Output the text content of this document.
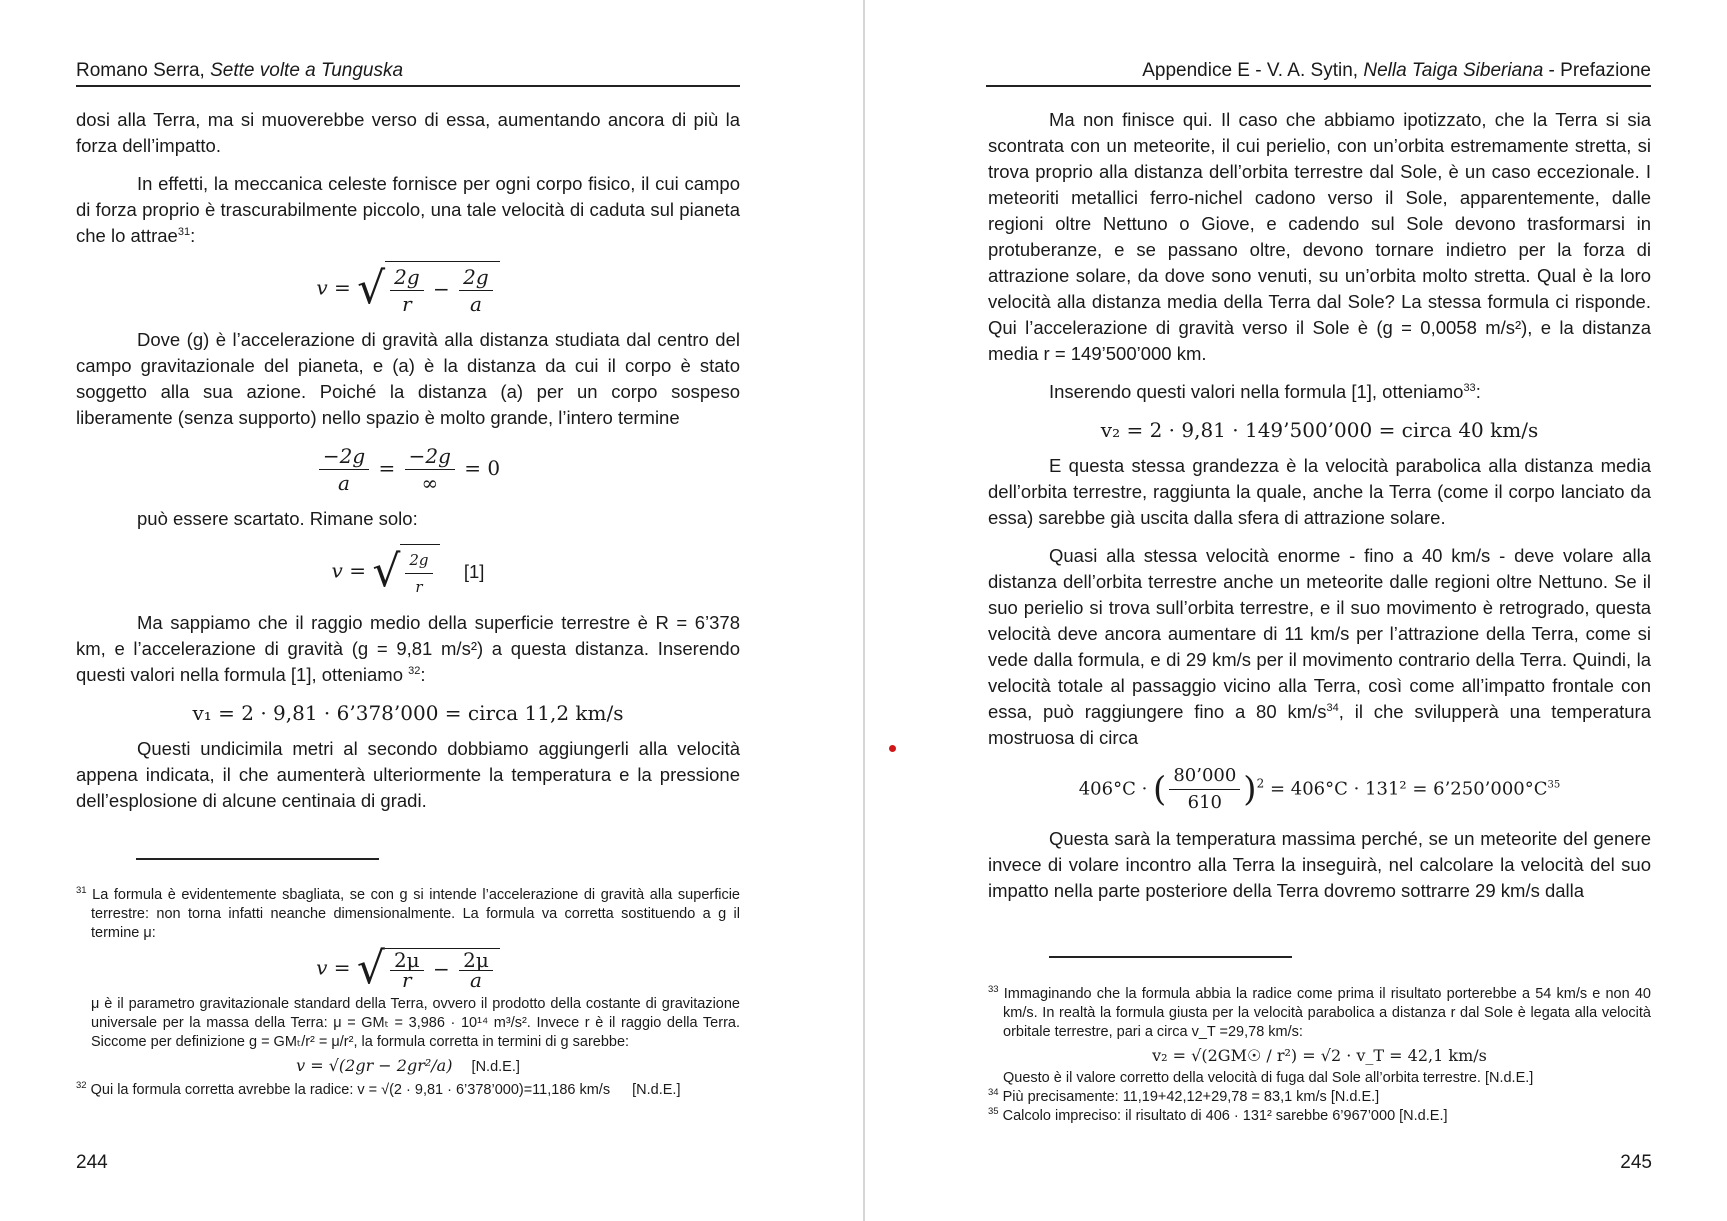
Romano Serra, Sette volte a Tunguska

dosi alla Terra, ma si muoverebbe verso di essa, aumentando ancora di più la forza dell’impatto.

In effetti, la meccanica celeste fornisce per ogni corpo fisico, il cui campo di forza proprio è trascurabilmente piccolo, una tale velocità di caduta sul pianeta che lo attrae$^{31}$:

v = √ $\frac{2g}{r} - \frac{2g}{a}$

Dove (g) è l’accelerazione di gravità alla distanza studiata dal centro del campo gravitazionale del pianeta, e (a) è la distanza da cui il corpo è stato soggetto alla sua azione. Poiché la distanza (a) per un corpo sospeso liberamente (senza supporto) nello spazio è molto grande, l’intero termine

$\frac{-2g}{a} = \frac{-2g}{\infty} = 0$

può essere scartato. Rimane solo:

v = √ $\frac{2g}{r} [1]$

Ma sappiamo che il raggio medio della superficie terrestre è R = 6’378 km, e l’accelerazione di gravità (g = 9,81 m/s²) a questa distanza. Inserendo questi valori nella formula [1], otteniamo $^{32}$:

v₁ = 2 · 9,81 · 6’378’000 = circa 11,2 km/s

Questi undicimila metri al secondo dobbiamo aggiungerli alla velocità appena indicata, il che aumenterà ulteriormente la temperatura e la pressione dell’esplosione di alcune centinaia di gradi.

$^{31}$ La formula è evidentemente sbagliata, se con g si intende l’accelerazione di gravità alla superficie terrestre: non torna infatti neanche dimensionalmente. La formula va corretta sostituendo a g il termine μ:

v = √ $\frac{2\mu}{r} - \frac{2\mu}{a}$

μ è il parametro gravitazionale standard della Terra, ovvero il prodotto della costante di gravitazione universale per la massa della Terra: μ = GMₜ = 3,986 · 10¹⁴ m³/s². Invece r è il raggio della Terra. Siccome per definizione g = GMₜ/r² = μ/r², la formula corretta in termini di g sarebbe:

v = √(2gr − 2gr²/a) [N.d.E.]

$^{32}$ Qui la formula corretta avrebbe la radice: v = √(2 · 9,81 · 6’378’000)=11,186 km/s [N.d.E.]

244
Appendice E - V. A. Sytin, Nella Taiga Siberiana - Prefazione

Ma non finisce qui. Il caso che abbiamo ipotizzato, che la Terra si sia scontrata con un meteorite, il cui perielio, con un’orbita estremamente stretta, si trova proprio alla distanza dell’orbita terrestre dal Sole, è un caso eccezionale. I meteoriti metallici ferro-nichel cadono verso il Sole, apparentemente, dalle regioni oltre Nettuno o Giove, e cadendo sul Sole devono trasformarsi in protuberanze, e se passano oltre, devono tornare indietro per la forza di attrazione solare, da dove sono venuti, su un’orbita molto stretta. Qual è la loro velocità alla distanza media della Terra dal Sole? La stessa formula ci risponde. Qui l’accelerazione di gravità verso il Sole è (g = 0,0058 m/s²), e la distanza media r = 149’500’000 km.

Inserendo questi valori nella formula [1], otteniamo$^{33}$:

v₂ = 2 · 9,81 · 149’500’000 = circa 40 km/s

E questa stessa grandezza è la velocità parabolica alla distanza media dell’orbita terrestre, raggiunta la quale, anche la Terra (come il corpo lanciato da essa) sarebbe già uscita dalla sfera di attrazione solare.

Quasi alla stessa velocità enorme - fino a 40 km/s - deve volare alla distanza dell’orbita terrestre anche un meteorite dalle regioni oltre Nettuno. Se il suo perielio si trova sull’orbita terrestre, e il suo movimento è retrogrado, questa velocità deve ancora aumentare di 11 km/s per l’attrazione della Terra, come si vede dalla formula, e di 29 km/s per il movimento contrario della Terra. Quindi, la velocità totale al passaggio vicino alla Terra, così come all’impatto frontale con essa, può raggiungere fino a 80 $km/s^{34}$, il che svilupperà una temperatura mostruosa di circa

406°C · ( $\frac{80’000}{610} )^2 = 406^\circ C \cdot 131^2$ = $6’250’000^\circ C^{35}$

Questa sarà la temperatura massima perché, se un meteorite del genere invece di volare incontro alla Terra la inseguirà, nel calcolare la velocità del suo impatto nella parte posteriore della Terra dovremo sottrarre 29 km/s dalla

$^{33}$ Immaginando che la formula abbia la radice come prima il risultato porterebbe a 54 km/s e non 40 km/s. In realtà la formula giusta per la velocità parabolica a distanza r dal Sole è legata alla velocità orbitale terrestre, pari a circa v_T =29,78 km/s:

v₂ = √(2GM☉ / r²) = √2 · v_T = 42,1 km/s

Questo è il valore corretto della velocità di fuga dal Sole all’orbita terrestre. [N.d.E.]

$^{34}$ Più precisamente: 11,19+42,12+29,78 = 83,1 km/s [N.d.E.]

$^{35}$ Calcolo impreciso: il risultato di 406 · 131² sarebbe 6’967’000 [N.d.E.]

245
